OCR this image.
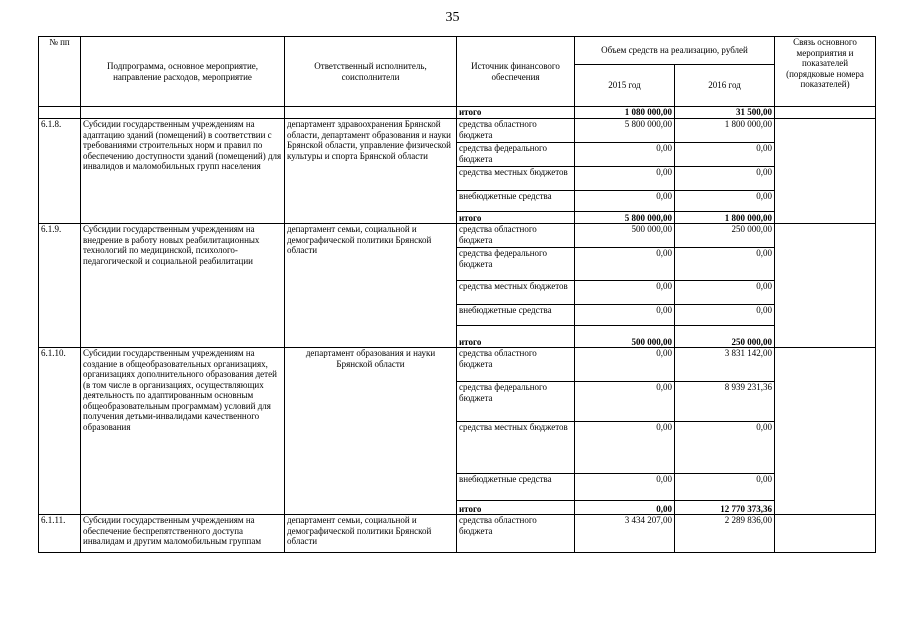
35
№ пп	Подпрограмма, основное мероприятие, направление расходов, мероприятие	Ответственный исполнитель, соисполнители	Источник финансового обеспечения	Объем средств на реализацию, рублей		Связь основного мероприятия и показателей (порядковые номера показателей)
				2015 год	2016 год	
			итого	1 080 000,00	31 500,00	
6.1.8.	Субсидии государственным учреждениям на адаптацию зданий (помещений) в соответствии с требованиями строительных норм и правил по обеспечению доступности зданий (помещений) для инвалидов и маломобильных групп населения	департамент здравоохранения Брянской области, департамент образования и науки Брянской области, управление физической культуры и спорта Брянской области	средства областного бюджета	5 800 000,00	1 800 000,00	
			средства федерального бюджета	0,00	0,00	
			средства местных бюджетов	0,00	0,00	
			внебюджетные средства	0,00	0,00	
			итого	5 800 000,00	1 800 000,00	
6.1.9.	Субсидии государственным учреждениям на внедрение в работу новых реабилитационных технологий по медицинской, психолого-педагогической и социальной реабилитации	департамент семьи, социальной и демографической политики Брянской области	средства областного бюджета	500 000,00	250 000,00	
			средства федерального бюджета	0,00	0,00	
			средства местных бюджетов	0,00	0,00	
			внебюджетные средства	0,00	0,00	
			итого	500 000,00	250 000,00	
6.1.10.	Субсидии государственным учреждениям на создание в общеобразовательных организациях, организациях дополнительного образования детей (в том числе в организациях, осуществляющих деятельность по адаптированным основным общеобразовательным программам) условий для получения детьми-инвалидами качественного образования	департамент образования и науки Брянской области	средства областного бюджета	0,00	3 831 142,00	
			средства федерального бюджета	0,00	8 939 231,36	
			средства местных бюджетов	0,00	0,00	
			внебюджетные средства	0,00	0,00	
			итого	0,00	12 770 373,36	
6.1.11.	Субсидии государственным учреждениям на обеспечение беспрепятственного доступа инвалидам и другим маломобильным группам	департамент семьи, социальной и демографической политики Брянской области	средства областного бюджета	3 434 207,00	2 289 836,00	
